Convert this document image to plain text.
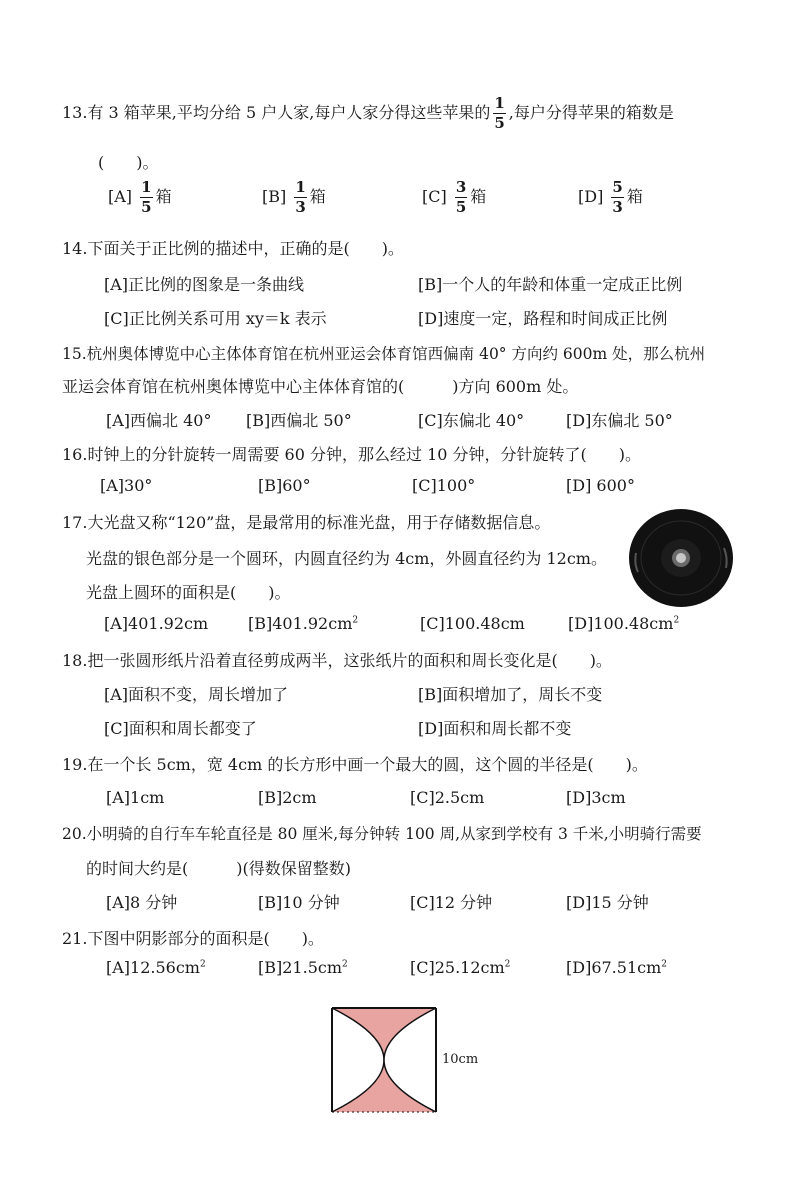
13.有 3 箱苹果,平均分给 5 户人家,每户人家分得这些苹果的 $\frac{1}{5}$ ,每户分得苹果的箱数是
(　　)。
$[A] \frac{1}{5}$ 箱	$[B] \frac{1}{3}$ 箱	$[C] \frac{3}{5}$ 箱	$[D] \frac{5}{3}$ 箱
14.下面关于正比例的描述中，正确的是(　　)。
[A]正比例的图象是一条曲线	[B]一个人的年龄和体重一定成正比例
[C]正比例关系可用 xy＝k 表示	[D]速度一定，路程和时间成正比例
15.杭州奥体博览中心主体体育馆在杭州亚运会体育馆西偏南 40° 方向约 600m 处，那么杭州
亚运会体育馆在杭州奥体博览中心主体体育馆的(　　　)方向 600m 处。
[A]西偏北 40° [B]西偏北 50°	[C]东偏北 40°	[D]东偏北 50°
16.时钟上的分针旋转一周需要 60 分钟，那么经过 10 分钟，分针旋转了(　　)。
[A]30°	[B]60°	[C]100°	[D] 600°
17.大光盘又称“120”盘，是最常用的标准光盘，用于存储数据信息。
光盘的银色部分是一个圆环，内圆直径约为 4cm，外圆直径约为 12cm。
光盘上圆环的面积是(　　)。
[A]401.92cm $[B]401.92cm^2$	[C]100.48cm	$[D]100.48cm^2$
18.把一张圆形纸片沿着直径剪成两半，这张纸片的面积和周长变化是(　　)。
[A]面积不变，周长增加了	[B]面积增加了，周长不变
[C]面积和周长都变了	[D]面积和周长都不变
19.在一个长 5cm，宽 4cm 的长方形中画一个最大的圆，这个圆的半径是(　　)。
[A]1cm	[B]2cm	[C]2.5cm	[D]3cm
20.小明骑的自行车车轮直径是 80 厘米,每分钟转 100 周,从家到学校有 3 千米,小明骑行需要
的时间大约是(　　　)(得数保留整数)
[A]8 分钟	[B]10 分钟	[C]12 分钟	[D]15 分钟
21.下图中阴影部分的面积是(　　)。
$[A]12.56cm^2$	$[B]21.5cm^2$	$[C]25.12cm^2$	$[D]67.51cm^2$
10cm
